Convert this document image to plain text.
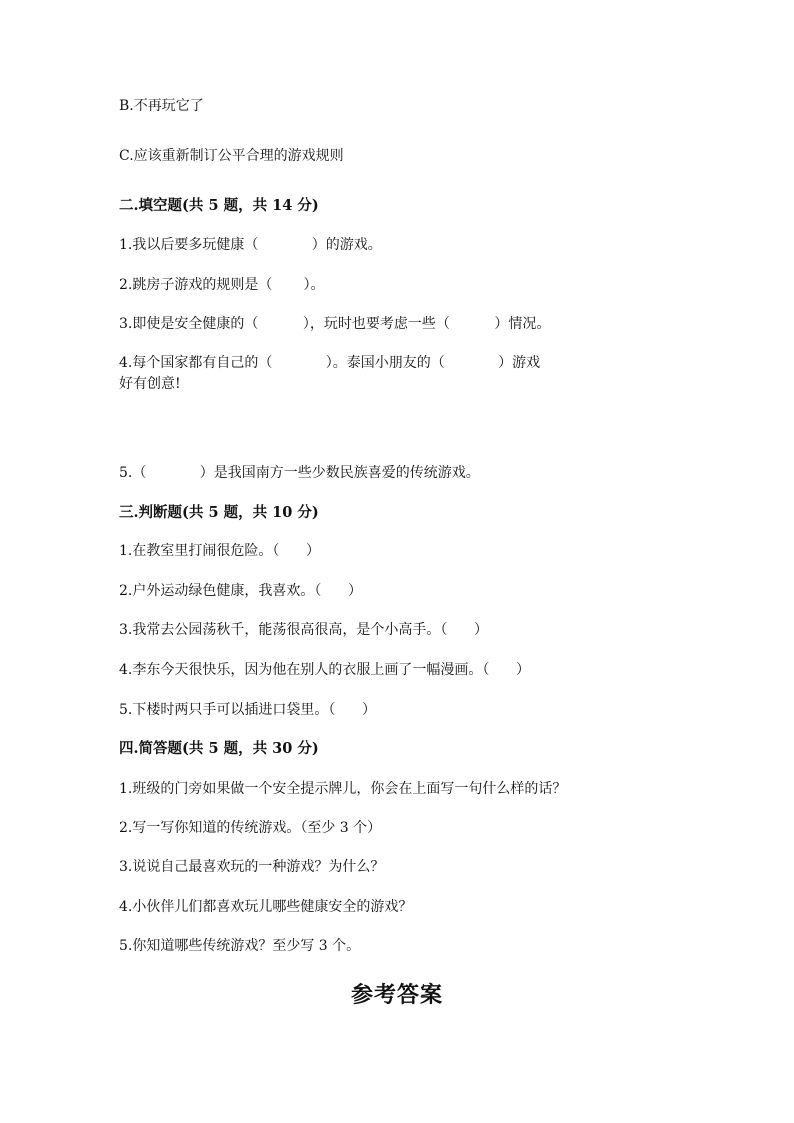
B.不再玩它了
C.应该重新制订公平合理的游戏规则
二.填空题(共 5 题，共 14 分)
1.我以后要多玩健康（            ）的游戏。
2.跳房子游戏的规则是（       ）。
3.即使是安全健康的（          ），玩时也要考虑一些（          ）情况。
4.每个国家都有自己的（            ）。泰国小朋友的（            ）游戏
好有创意!
5.（            ）是我国南方一些少数民族喜爱的传统游戏。
三.判断题(共 5 题，共 10 分)
1.在教室里打闹很危险。（      ）
2.户外运动绿色健康，我喜欢。（      ）
3.我常去公园荡秋千，能荡很高很高，是个小高手。（      ）
4.李东今天很快乐，因为他在别人的衣服上画了一幅漫画。（      ）
5.下楼时两只手可以插进口袋里。（      ）
四.简答题(共 5 题，共 30 分)
1.班级的门旁如果做一个安全提示牌儿，你会在上面写一句什么样的话？
2.写一写你知道的传统游戏。（至少 3 个）
3.说说自己最喜欢玩的一种游戏？为什么？
4.小伙伴儿们都喜欢玩儿哪些健康安全的游戏？
5.你知道哪些传统游戏？至少写 3 个。
参考答案
